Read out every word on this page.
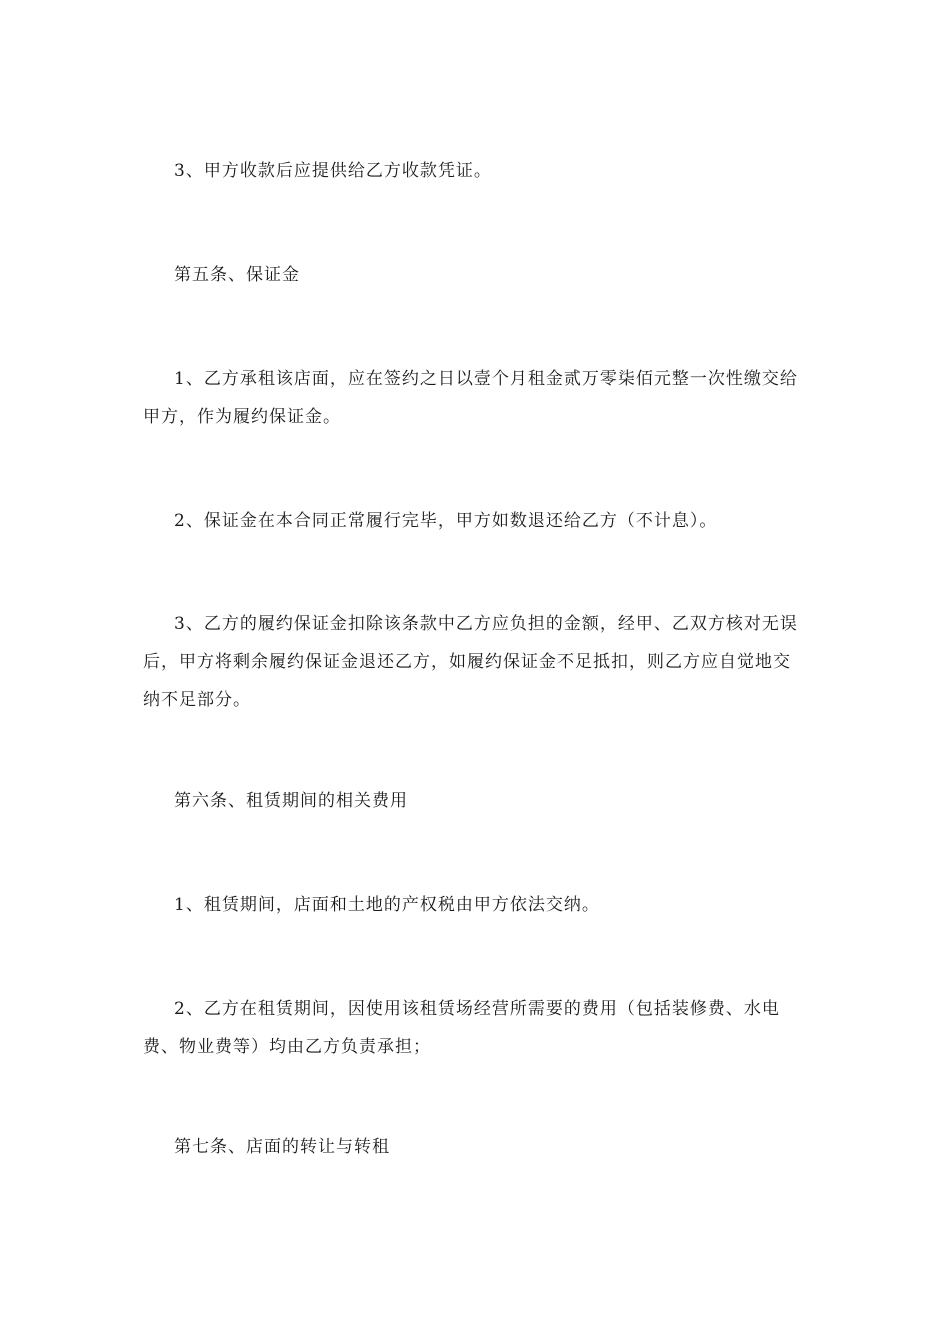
3、甲方收款后应提供给乙方收款凭证。

第五条、保证金

1、乙方承租该店面，应在签约之日以壹个月租金贰万零柒佰元整一次性缴交给甲方，作为履约保证金。

2、保证金在本合同正常履行完毕，甲方如数退还给乙方（不计息）。

3、乙方的履约保证金扣除该条款中乙方应负担的金额，经甲、乙双方核对无误后，甲方将剩余履约保证金退还乙方，如履约保证金不足抵扣，则乙方应自觉地交纳不足部分。

第六条、租赁期间的相关费用

1、租赁期间，店面和土地的产权税由甲方依法交纳。

2、乙方在租赁期间，因使用该租赁场经营所需要的费用（包括装修费、水电费、物业费等）均由乙方负责承担；

第七条、店面的转让与转租
